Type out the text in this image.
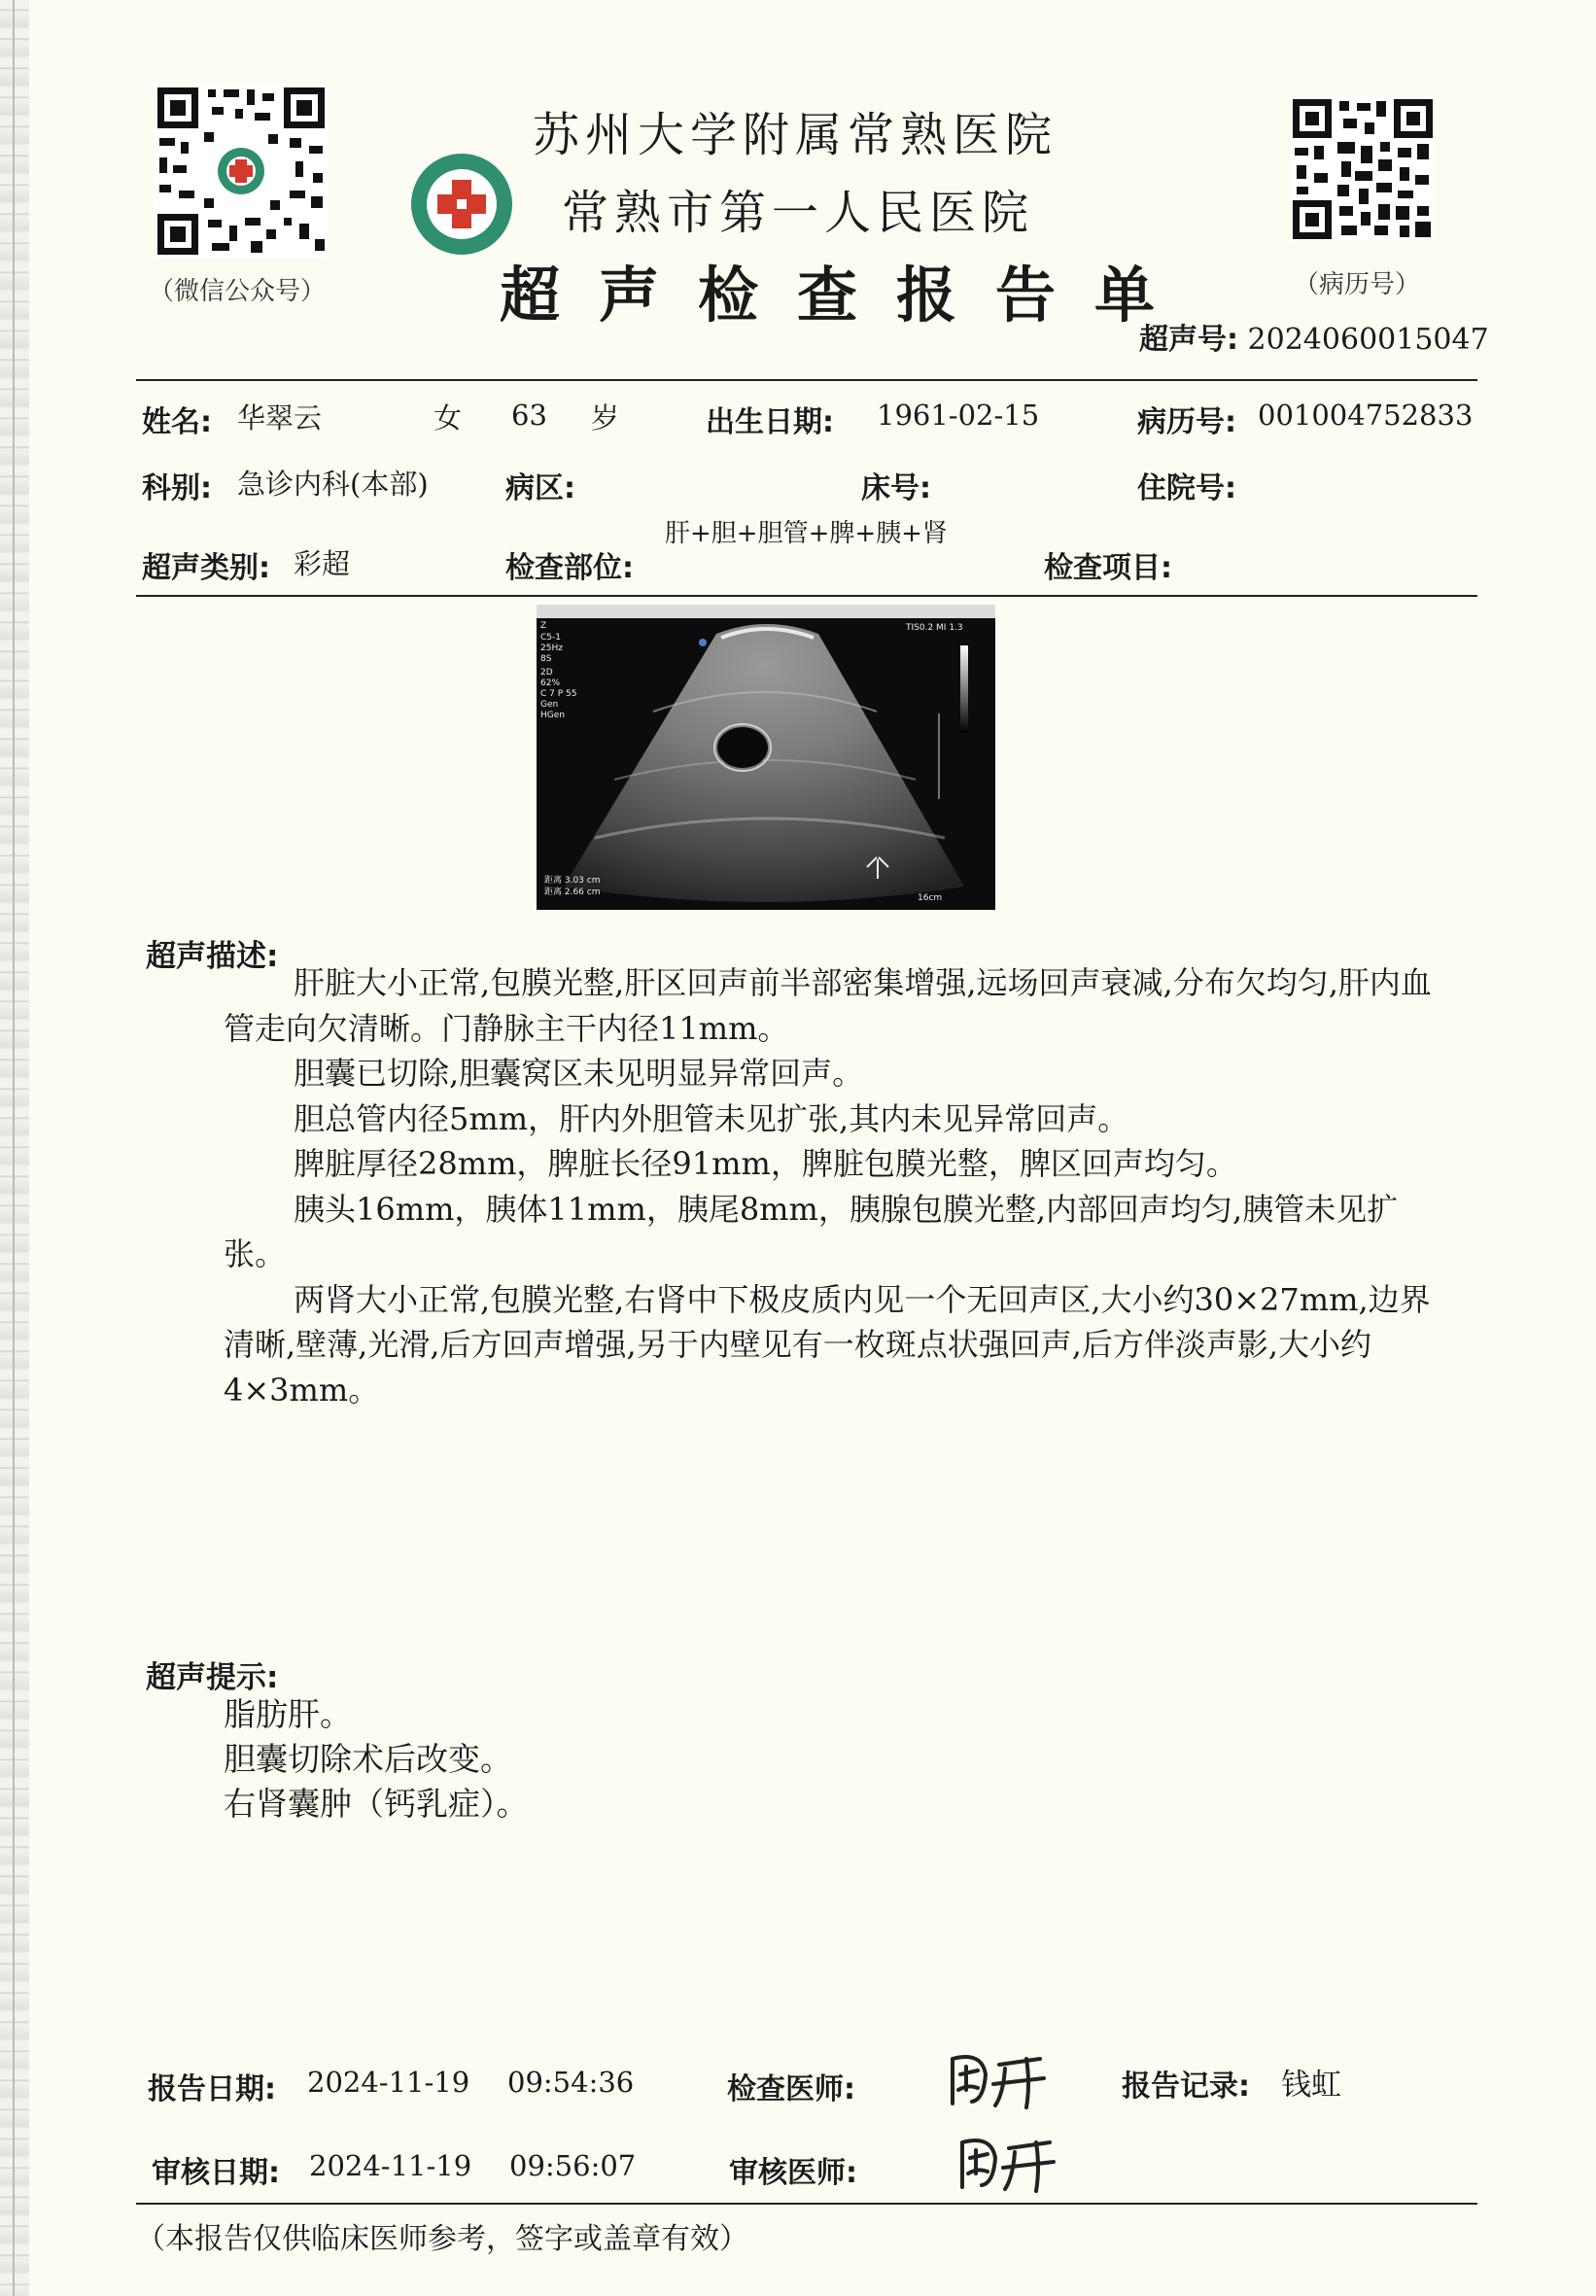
（微信公众号）	（病历号）
苏州大学附属常熟医院
常熟市第一人民医院
超声检查报告单
超声号: 2024060015047
姓名: 华翠云	女 63 岁	出生日期: 1961-02-15	病历号: 001004752833
科别: 急诊内科(本部)	病区:	床号:	住院号:
超声类别: 彩超	检查部位:
肝+胆+胆管+脾+胰+肾
检查项目:
Z
C5-1
25Hz
8S
2D
62%
C 7 P 55
Gen
HGen
TIS0.2 MI 1.3
距离 3.03 cm
距离 2.66 cm
16cm
超声描述:

肝脏大小正常,包膜光整,肝区回声前半部密集增强,远场回声衰减,分布欠均匀,肝内血管走向欠清晰。门静脉主干内径11mm。

胆囊已切除,胆囊窝区未见明显异常回声。

胆总管内径5mm，肝内外胆管未见扩张,其内未见异常回声。

脾脏厚径28mm，脾脏长径91mm，脾脏包膜光整，脾区回声均匀。

胰头16mm，胰体11mm，胰尾8mm，胰腺包膜光整,内部回声均匀,胰管未见扩张。

两肾大小正常,包膜光整,右肾中下极皮质内见一个无回声区,大小约30×27mm,边界清晰,壁薄,光滑,后方回声增强,另于内壁见有一枚斑点状强回声,后方伴淡声影,大小约4×3mm。

超声提示:

脂肪肝。

胆囊切除术后改变。

右肾囊肿（钙乳症）。

报告日期: 2024-11-19 09:54:36	检查医师:	报告记录: 钱虹
审核日期: 2024-11-19 09:56:07	审核医师:
（本报告仅供临床医师参考，签字或盖章有效）
